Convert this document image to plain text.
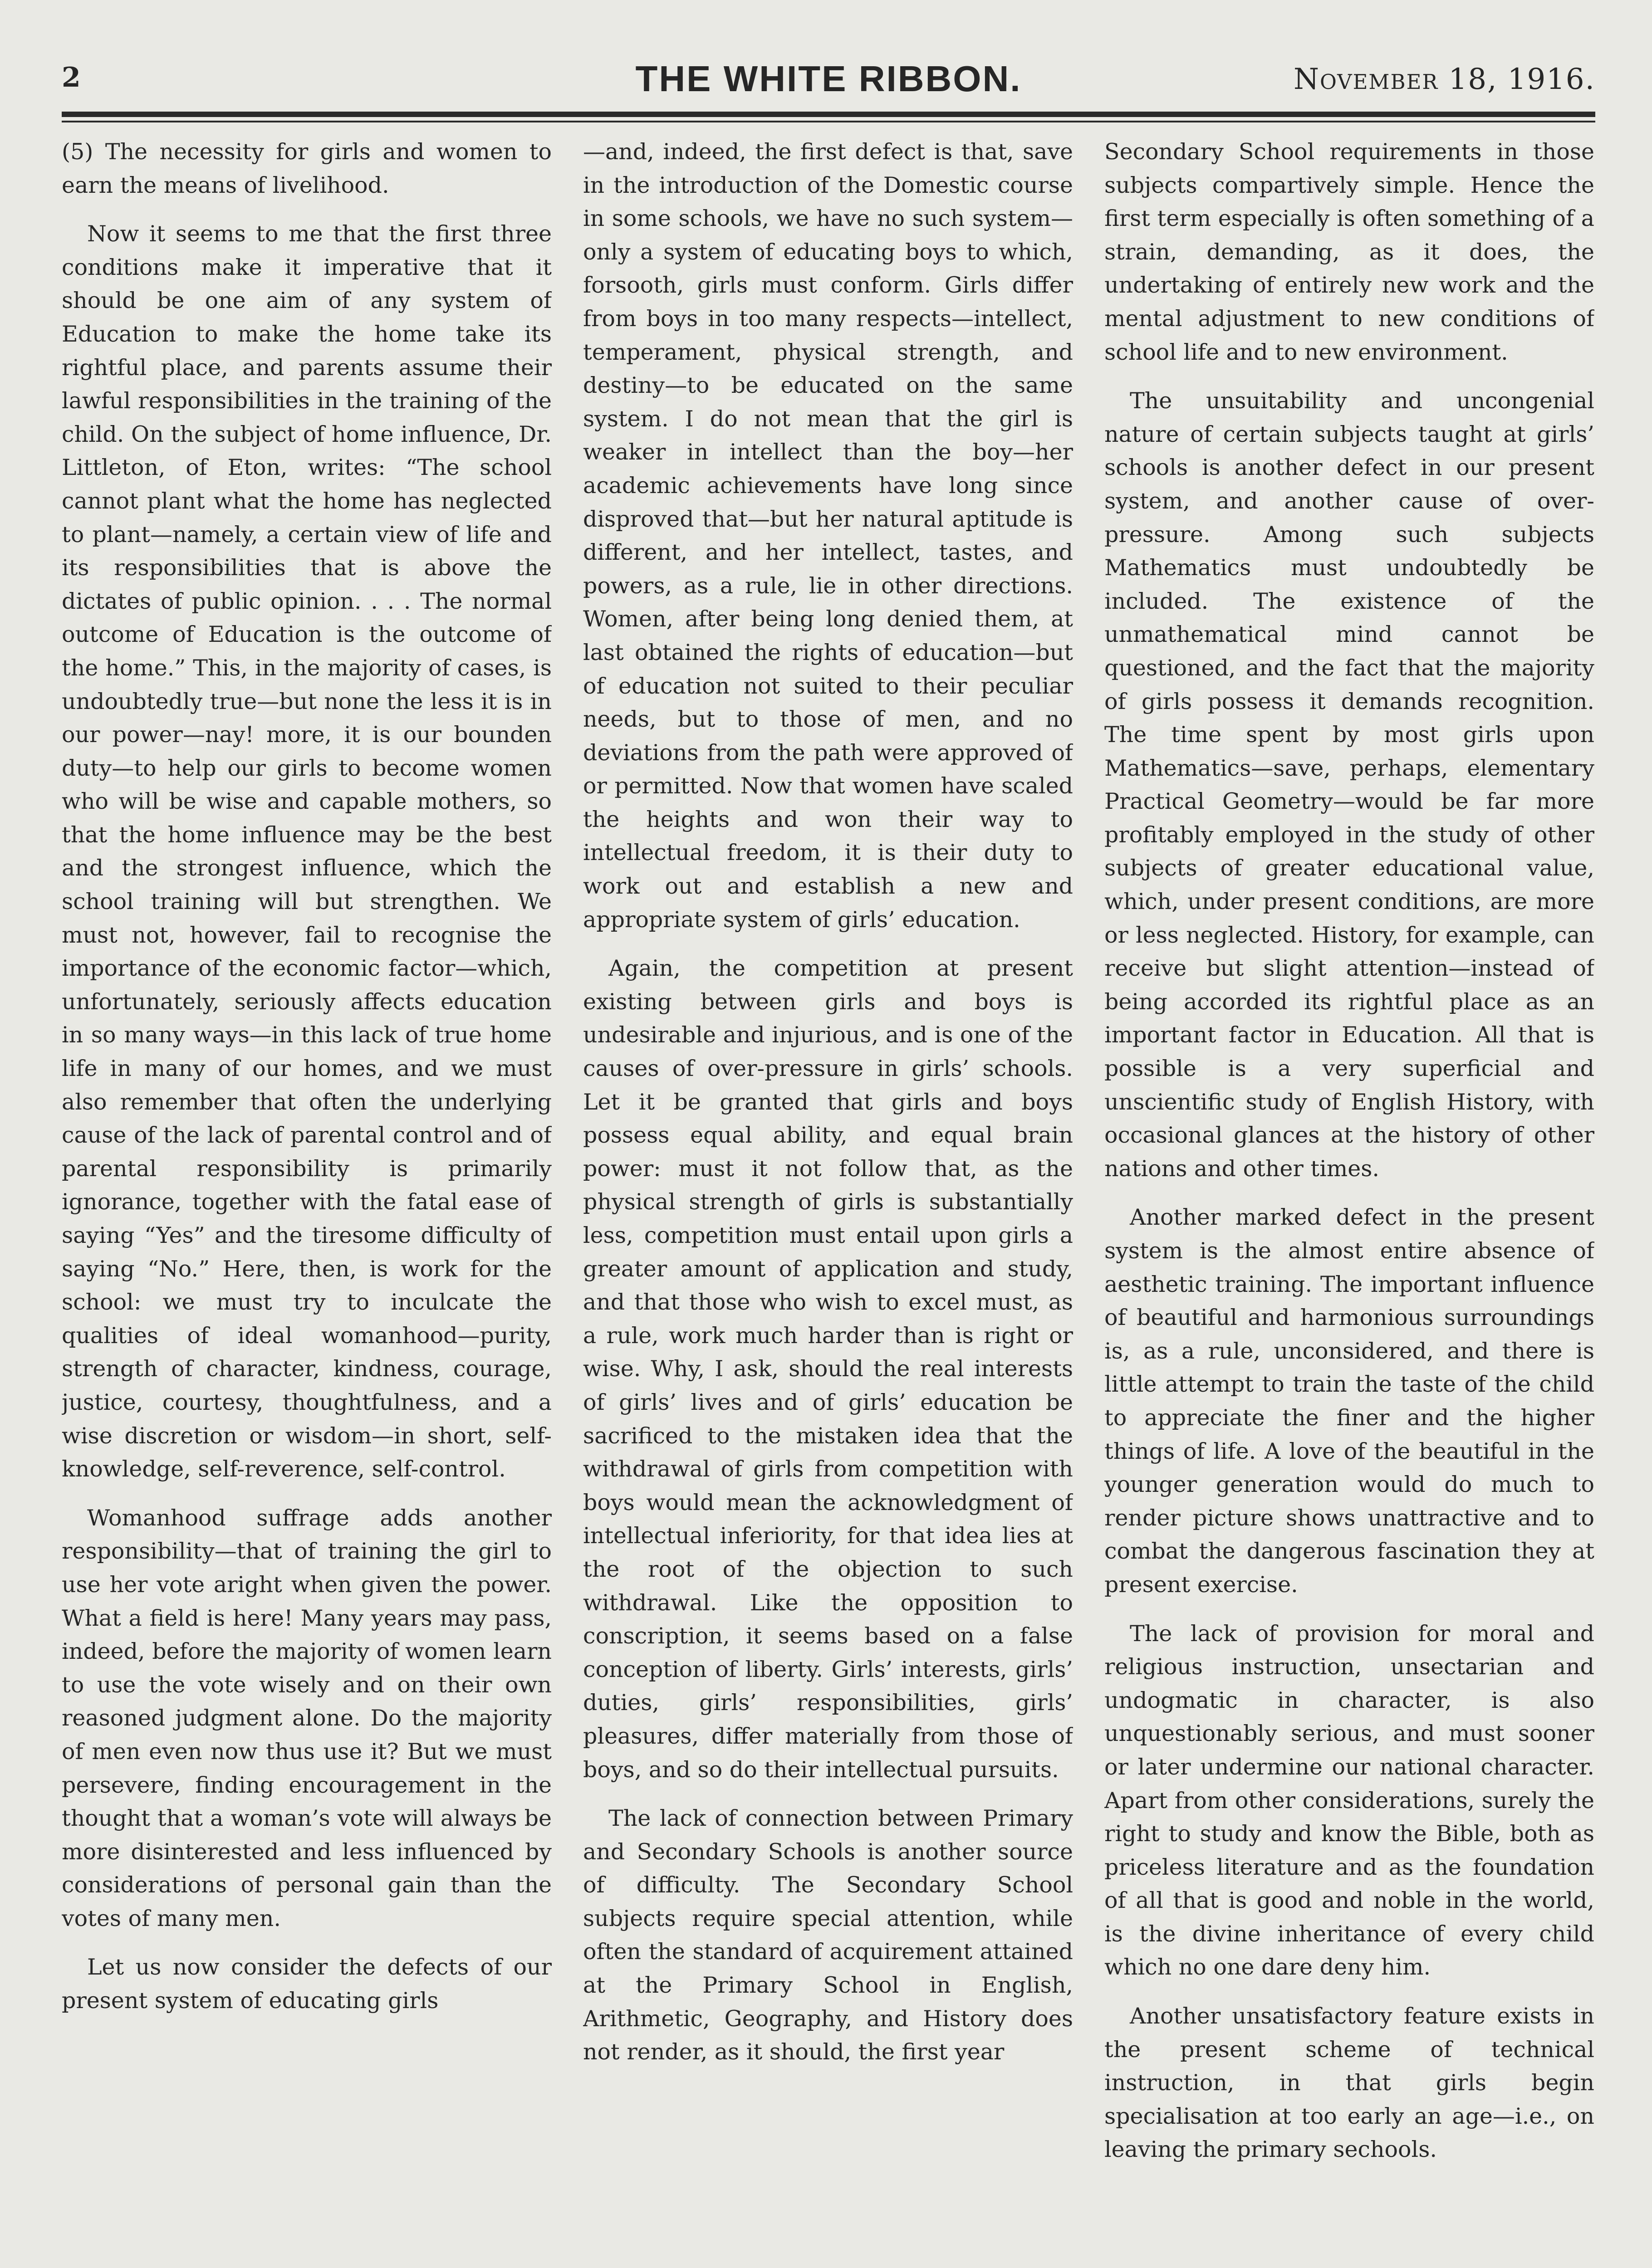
2	THE WHITE RIBBON.	November 18, 1916.

(5) The necessity for girls and women to earn the means of livelihood.

Now it seems to me that the first three conditions make it imperative that it should be one aim of any system of Education to make the home take its rightful place, and parents assume their lawful responsibilities in the training of the child. On the subject of home influence, Dr. Littleton, of Eton, writes: “The school cannot plant what the home has neglected to plant—namely, a certain view of life and its responsibilities that is above the dictates of public opinion. . . . The normal outcome of Education is the outcome of the home.” This, in the majority of cases, is undoubtedly true—but none the less it is in our power—nay! more, it is our bounden duty—to help our girls to become women who will be wise and capable mothers, so that the home influence may be the best and the strongest influence, which the school training will but strengthen. We must not, however, fail to recognise the importance of the economic factor—which, unfortunately, seriously affects education in so many ways—in this lack of true home life in many of our homes, and we must also remember that often the underlying cause of the lack of parental control and of parental responsibility is primarily ignorance, together with the fatal ease of saying “Yes” and the tiresome difficulty of saying “No.” Here, then, is work for the school: we must try to inculcate the qualities of ideal womanhood—purity, strength of character, kindness, courage, justice, courtesy, thoughtfulness, and a wise discretion or wisdom—in short, self-knowledge, self-reverence, self-control.

Womanhood suffrage adds another responsibility—that of training the girl to use her vote aright when given the power. What a field is here! Many years may pass, indeed, before the majority of women learn to use the vote wisely and on their own reasoned judgment alone. Do the majority of men even now thus use it? But we must persevere, finding encouragement in the thought that a woman’s vote will always be more disinterested and less influenced by considerations of personal gain than the votes of many men.

Let us now consider the defects of our present system of educating girls

—and, indeed, the first defect is that, save in the introduction of the Domestic course in some schools, we have no such system—only a system of educating boys to which, forsooth, girls must conform. Girls differ from boys in too many respects—intellect, temperament, physical strength, and destiny—to be educated on the same system. I do not mean that the girl is weaker in intellect than the boy—her academic achievements have long since disproved that—but her natural aptitude is different, and her intellect, tastes, and powers, as a rule, lie in other directions. Women, after being long denied them, at last obtained the rights of education—but of education not suited to their peculiar needs, but to those of men, and no deviations from the path were approved of or permitted. Now that women have scaled the heights and won their way to intellectual freedom, it is their duty to work out and establish a new and appropriate system of girls’ education.

Again, the competition at present existing between girls and boys is undesirable and injurious, and is one of the causes of over-pressure in girls’ schools. Let it be granted that girls and boys possess equal ability, and equal brain power: must it not follow that, as the physical strength of girls is substantially less, competition must entail upon girls a greater amount of application and study, and that those who wish to excel must, as a rule, work much harder than is right or wise. Why, I ask, should the real interests of girls’ lives and of girls’ education be sacrificed to the mistaken idea that the withdrawal of girls from competition with boys would mean the acknowledgment of intellectual inferiority, for that idea lies at the root of the objection to such withdrawal. Like the opposition to conscription, it seems based on a false conception of liberty. Girls’ interests, girls’ duties, girls’ responsibilities, girls’ pleasures, differ materially from those of boys, and so do their intellectual pursuits.

The lack of connection between Primary and Secondary Schools is another source of difficulty. The Secondary School subjects require special attention, while often the standard of acquirement attained at the Primary School in English, Arithmetic, Geography, and History does not render, as it should, the first year

Secondary School requirements in those subjects compartively simple. Hence the first term especially is often something of a strain, demanding, as it does, the undertaking of entirely new work and the mental adjustment to new conditions of school life and to new environment.

The unsuitability and uncongenial nature of certain subjects taught at girls’ schools is another defect in our present system, and another cause of over-pressure. Among such subjects Mathematics must undoubtedly be included. The existence of the unmathematical mind cannot be questioned, and the fact that the majority of girls possess it demands recognition. The time spent by most girls upon Mathematics—save, perhaps, elementary Practical Geometry—would be far more profitably employed in the study of other subjects of greater educational value, which, under present conditions, are more or less neglected. History, for example, can receive but slight attention—instead of being accorded its rightful place as an important factor in Education. All that is possible is a very superficial and unscientific study of English History, with occasional glances at the history of other nations and other times.

Another marked defect in the present system is the almost entire absence of aesthetic training. The important influence of beautiful and harmonious surroundings is, as a rule, unconsidered, and there is little attempt to train the taste of the child to appreciate the finer and the higher things of life. A love of the beautiful in the younger generation would do much to render picture shows unattractive and to combat the dangerous fascination they at present exercise.

The lack of provision for moral and religious instruction, unsectarian and undogmatic in character, is also unquestionably serious, and must sooner or later undermine our national character. Apart from other considerations, surely the right to study and know the Bible, both as priceless literature and as the foundation of all that is good and noble in the world, is the divine inheritance of every child which no one dare deny him.

Another unsatisfactory feature exists in the present scheme of technical instruction, in that girls begin specialisation at too early an age—i.e., on leaving the primary sechools.
